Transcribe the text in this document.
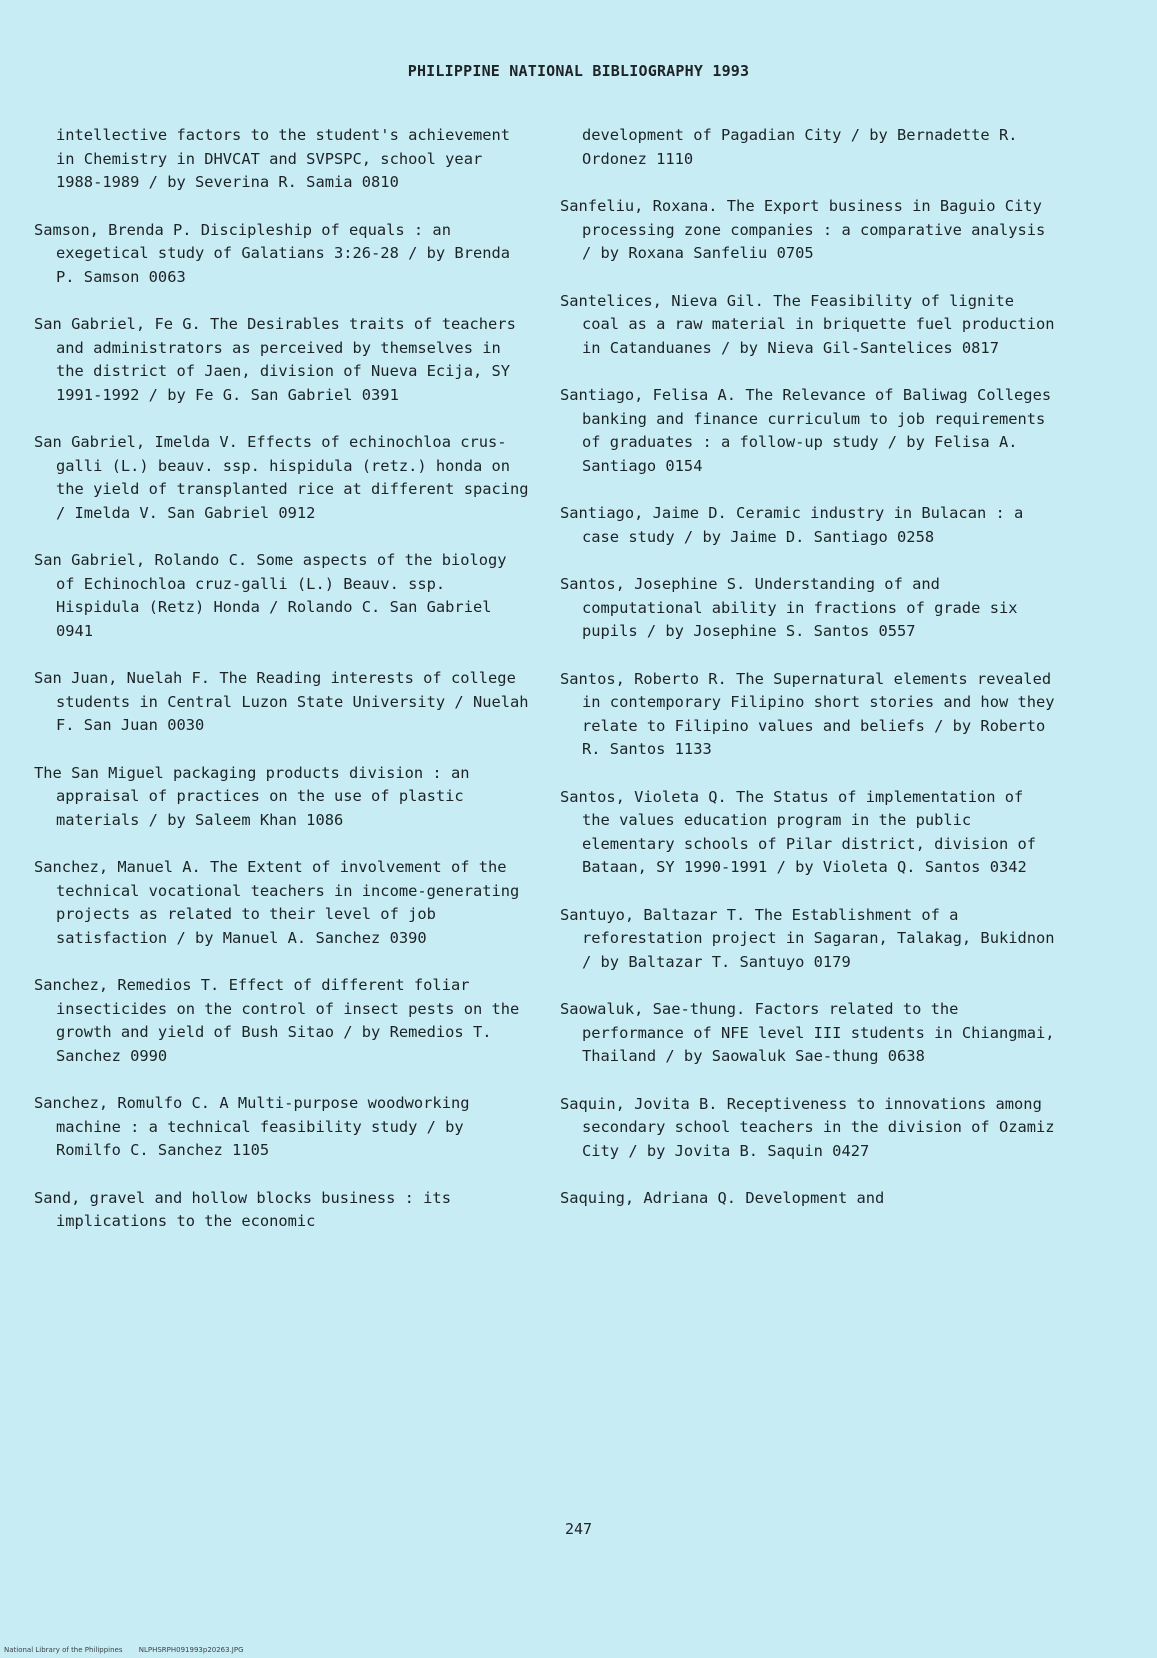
PHILIPPINE NATIONAL BIBLIOGRAPHY 1993

intellective factors to the student's achievement in Chemistry in DHVCAT and SVPSPC, school year 1988-1989 / by Severina R. Samia 0810

Samson, Brenda P. Discipleship of equals : an exegetical study of Galatians 3:26-28 / by Brenda P. Samson 0063

San Gabriel, Fe G. The Desirables traits of teachers and administrators as perceived by themselves in the district of Jaen, division of Nueva Ecija, SY 1991-1992 / by Fe G. San Gabriel 0391

San Gabriel, Imelda V. Effects of echinochloa crus-galli (L.) beauv. ssp. hispidula (retz.) honda on the yield of transplanted rice at different spacing / Imelda V. San Gabriel 0912

San Gabriel, Rolando C. Some aspects of the biology of Echinochloa cruz-galli (L.) Beauv. ssp. Hispidula (Retz) Honda / Rolando C. San Gabriel 0941

San Juan, Nuelah F. The Reading interests of college students in Central Luzon State University / Nuelah F. San Juan 0030

The San Miguel packaging products division : an appraisal of practices on the use of plastic materials / by Saleem Khan 1086

Sanchez, Manuel A. The Extent of involvement of the technical vocational teachers in income-generating projects as related to their level of job satisfaction / by Manuel A. Sanchez 0390

Sanchez, Remedios T. Effect of different foliar insecticides on the control of insect pests on the growth and yield of Bush Sitao / by Remedios T. Sanchez 0990

Sanchez, Romulfo C. A Multi-purpose woodworking machine : a technical feasibility study / by Romilfo C. Sanchez 1105

Sand, gravel and hollow blocks business : its implications to the economic

development of Pagadian City / by Bernadette R. Ordonez 1110

Sanfeliu, Roxana. The Export business in Baguio City processing zone companies : a comparative analysis / by Roxana Sanfeliu 0705

Santelices, Nieva Gil. The Feasibility of lignite coal as a raw material in briquette fuel production in Catanduanes / by Nieva Gil-Santelices 0817

Santiago, Felisa A. The Relevance of Baliwag Colleges banking and finance curriculum to job requirements of graduates : a follow-up study / by Felisa A. Santiago 0154

Santiago, Jaime D. Ceramic industry in Bulacan : a case study / by Jaime D. Santiago 0258

Santos, Josephine S. Understanding of and computational ability in fractions of grade six pupils / by Josephine S. Santos 0557

Santos, Roberto R. The Supernatural elements revealed in contemporary Filipino short stories and how they relate to Filipino values and beliefs / by Roberto R. Santos 1133

Santos, Violeta Q. The Status of implementation of the values education program in the public elementary schools of Pilar district, division of Bataan, SY 1990-1991 / by Violeta Q. Santos 0342

Santuyo, Baltazar T. The Establishment of a reforestation project in Sagaran, Talakag, Bukidnon / by Baltazar T. Santuyo 0179

Saowaluk, Sae-thung. Factors related to the performance of NFE level III students in Chiangmai, Thailand / by Saowaluk Sae-thung 0638

Saquin, Jovita B. Receptiveness to innovations among secondary school teachers in the division of Ozamiz City / by Jovita B. Saquin 0427

Saquing, Adriana Q. Development and

247
National Library of the Philippines NLPHSRPH091993p20263.JPG
